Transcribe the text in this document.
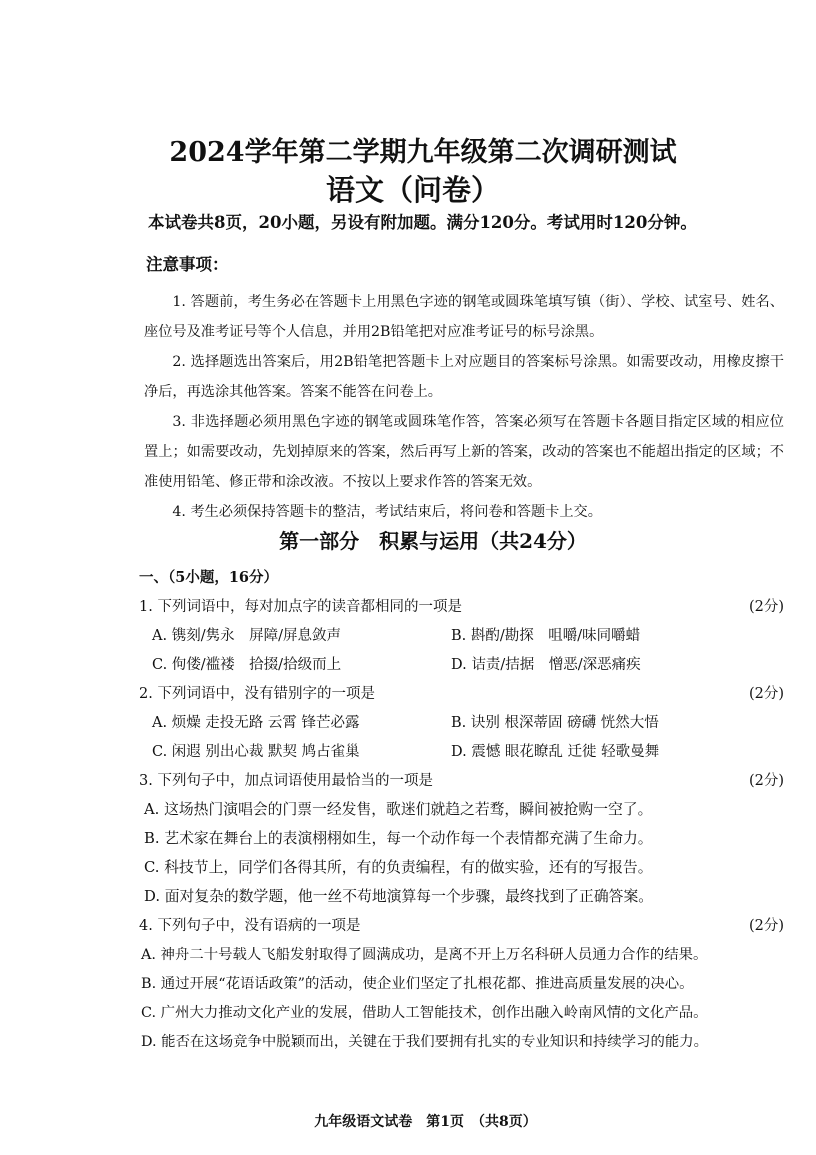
2024学年第二学期九年级第二次调研测试
语文（问卷）
本试卷共8页，20小题，另设有附加题。满分120分。考试用时120分钟。
注意事项：

1. 答题前，考生务必在答题卡上用黑色字迹的钢笔或圆珠笔填写镇（街）、学校、试室号、姓名、座位号及准考证号等个人信息，并用2B铅笔把对应准考证号的标号涂黑。

2. 选择题选出答案后，用2B铅笔把答题卡上对应题目的答案标号涂黑。如需要改动，用橡皮擦干净后，再选涂其他答案。答案不能答在问卷上。

3. 非选择题必须用黑色字迹的钢笔或圆珠笔作答，答案必须写在答题卡各题目指定区域的相应位置上；如需要改动，先划掉原来的答案，然后再写上新的答案，改动的答案也不能超出指定的区域；不准使用铅笔、修正带和涂改液。不按以上要求作答的答案无效。

4. 考生必须保持答题卡的整洁，考试结束后，将问卷和答题卡上交。

第一部分　积累与运用（共24分）
一、（5小题，16分）
1. 下列词语中，每对加点字的读音都相同的一项是	(2分)
A. 镌刻/隽永　屏障/屏息敛声	B. 斟酌/勘探　咀嚼/味同嚼蜡
C. 佝偻/褴褛　拾掇/拾级而上	D. 诘责/拮据　憎恶/深恶痛疾
2. 下列词语中，没有错别字的一项是	(2分)
A. 烦燥 走投无路 云霄 锋芒必露	B. 诀别 根深蒂固 磅礴 恍然大悟
C. 闲遐 别出心裁 默契 鸠占雀巢	D. 震憾 眼花瞭乱 迁徙 轻歌曼舞
3. 下列句子中，加点词语使用最恰当的一项是	(2分)
A. 这场热门演唱会的门票一经发售，歌迷们就趋之若骛，瞬间被抢购一空了。
B. 艺术家在舞台上的表演栩栩如生，每一个动作每一个表情都充满了生命力。
C. 科技节上，同学们各得其所，有的负责编程，有的做实验，还有的写报告。
D. 面对复杂的数学题，他一丝不苟地演算每一个步骤，最终找到了正确答案。
4. 下列句子中，没有语病的一项是	(2分)
A. 神舟二十号载人飞船发射取得了圆满成功，是离不开上万名科研人员通力合作的结果。
B. 通过开展“花语话政策”的活动，使企业们坚定了扎根花都、推进高质量发展的决心。
C. 广州大力推动文化产业的发展，借助人工智能技术，创作出融入岭南风情的文化产品。
D. 能否在这场竞争中脱颖而出，关键在于我们要拥有扎实的专业知识和持续学习的能力。
九年级语文试卷　第1页　（共8页）
